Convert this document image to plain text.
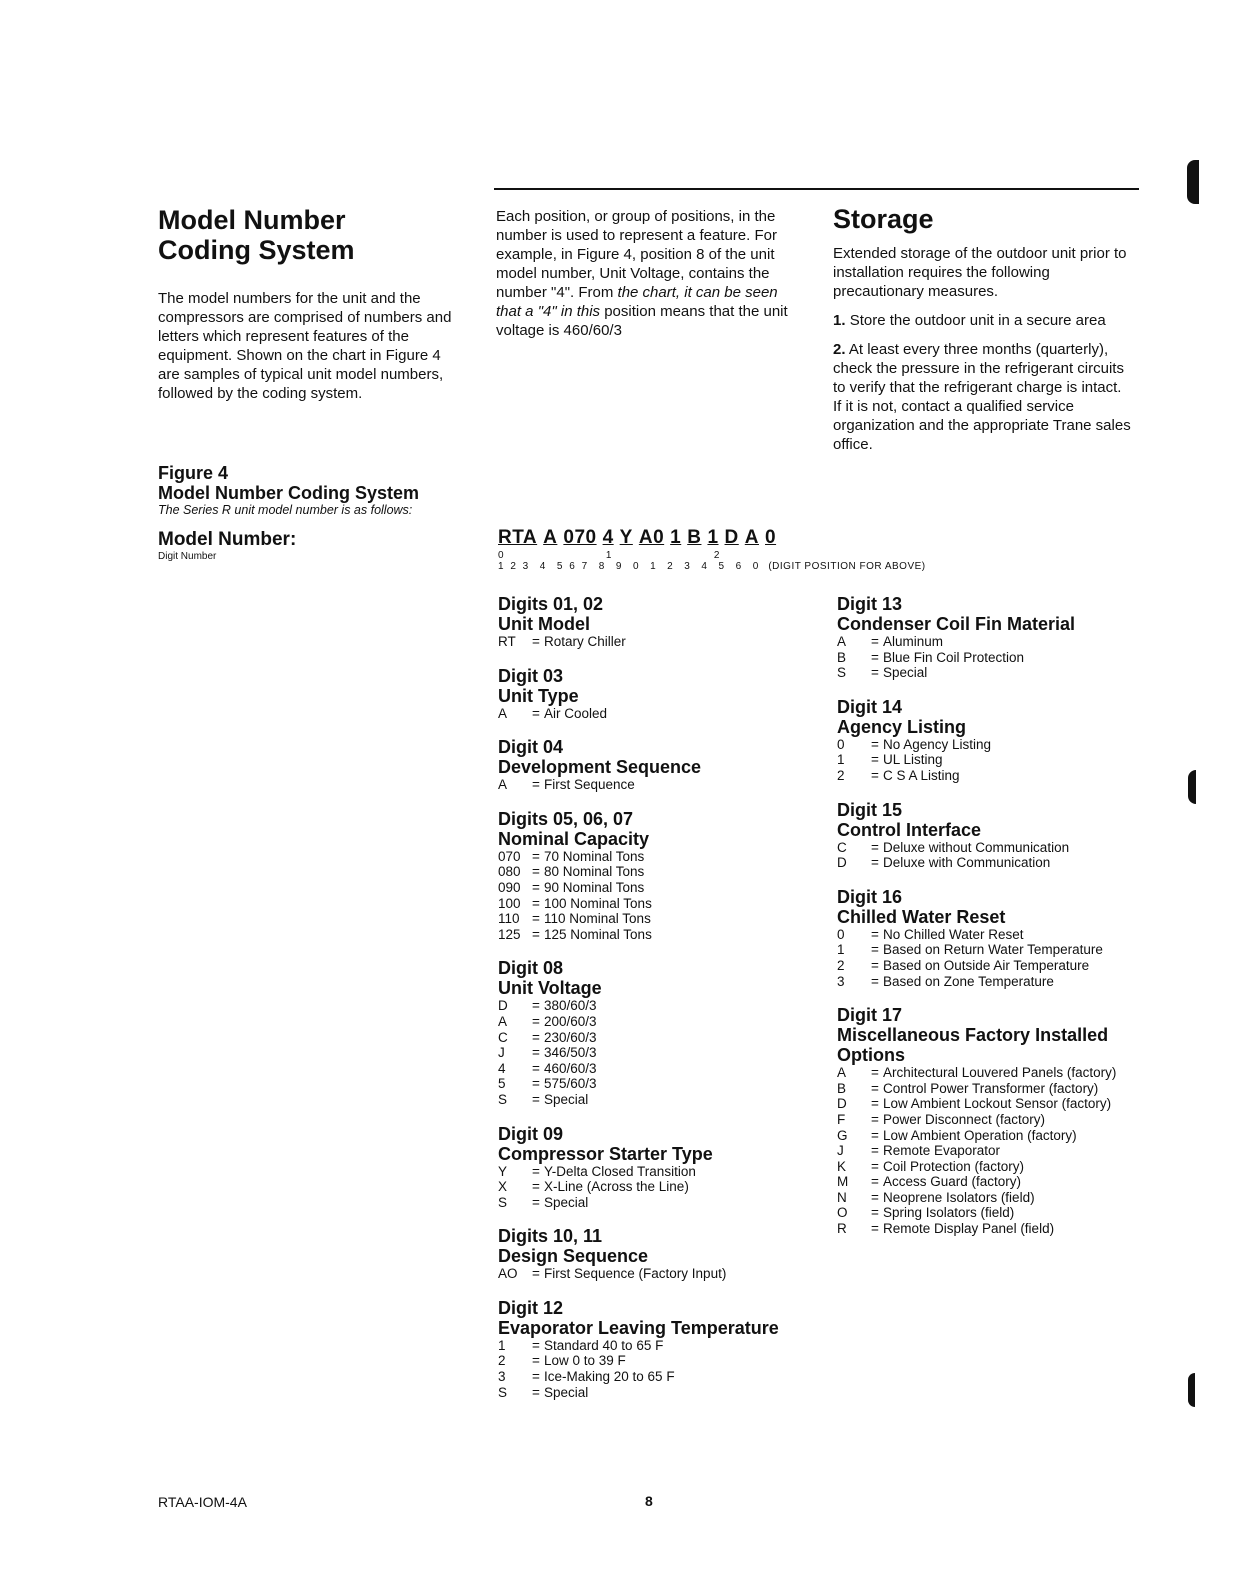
Model Number
Coding System

The model numbers for the unit and the compressors are comprised of numbers and letters which represent features of the equipment. Shown on the chart in Figure 4 are samples of typical unit model numbers, followed by the coding system.

Each position, or group of positions, in the number is used to represent a feature. For example, in Figure 4, position 8 of the unit model number, Unit Voltage, contains the number "4". From the chart, it can be seen that a "4" in this position means that the unit voltage is 460/60/3

Storage

Extended storage of the outdoor unit prior to installation requires the following precautionary measures.

1. Store the outdoor unit in a secure area

2. At least every three months (quarterly), check the pressure in the refrigerant circuits to verify that the refrigerant charge is intact. If it is not, contact a qualified service organization and the appropriate Trane sales office.

Figure 4

Model Number Coding System

The Series R unit model number is as follows:

Model Number:

Digit Number

RTA A 070 4 Y A0 1 B 1 D A 0
0                     1                     2
1 2 3  4  5 6 7  8  9  0  1  2  3  4  5  6  0 (DIGIT POSITION FOR ABOVE)
Digits 01, 02
Unit Model
RT	= Rotary Chiller
Digit 03
Unit Type
A	= Air Cooled
Digit 04
Development Sequence
A	= First Sequence
Digits 05, 06, 07
Nominal Capacity
070 = 70 Nominal Tons
080 = 80 Nominal Tons
090 = 90 Nominal Tons
100 = 100 Nominal Tons
110 = 110 Nominal Tons
125 = 125 Nominal Tons
Digit 08
Unit Voltage
D	= 380/60/3
A	= 200/60/3
C	= 230/60/3
J	= 346/50/3
4	= 460/60/3
5	= 575/60/3
S	= Special
Digit 09
Compressor Starter Type
Y	= Y-Delta Closed Transition
X	= X-Line (Across the Line)
S	= Special
Digits 10, 11
Design Sequence
AO	= First Sequence (Factory Input)
Digit 12
Evaporator Leaving Temperature
1	= Standard 40 to 65 F
2	= Low 0 to 39 F
3	= Ice-Making 20 to 65 F
S	= Special
Digit 13
Condenser Coil Fin Material
A	= Aluminum
B	= Blue Fin Coil Protection
S	= Special
Digit 14
Agency Listing
0	= No Agency Listing
1	= UL Listing
2	= C S A Listing
Digit 15
Control Interface
C	= Deluxe without Communication
D	= Deluxe with Communication
Digit 16
Chilled Water Reset
0	= No Chilled Water Reset
1	= Based on Return Water Temperature
2	= Based on Outside Air Temperature
3	= Based on Zone Temperature
Digit 17
Miscellaneous Factory Installed Options
A	= Architectural Louvered Panels (factory)
B	= Control Power Transformer (factory)
D	= Low Ambient Lockout Sensor (factory)
F	= Power Disconnect (factory)
G	= Low Ambient Operation (factory)
J	= Remote Evaporator
K	= Coil Protection (factory)
M	= Access Guard (factory)
N	= Neoprene Isolators (field)
O	= Spring Isolators (field)
R	= Remote Display Panel (field)
RTAA-IOM-4A	8
